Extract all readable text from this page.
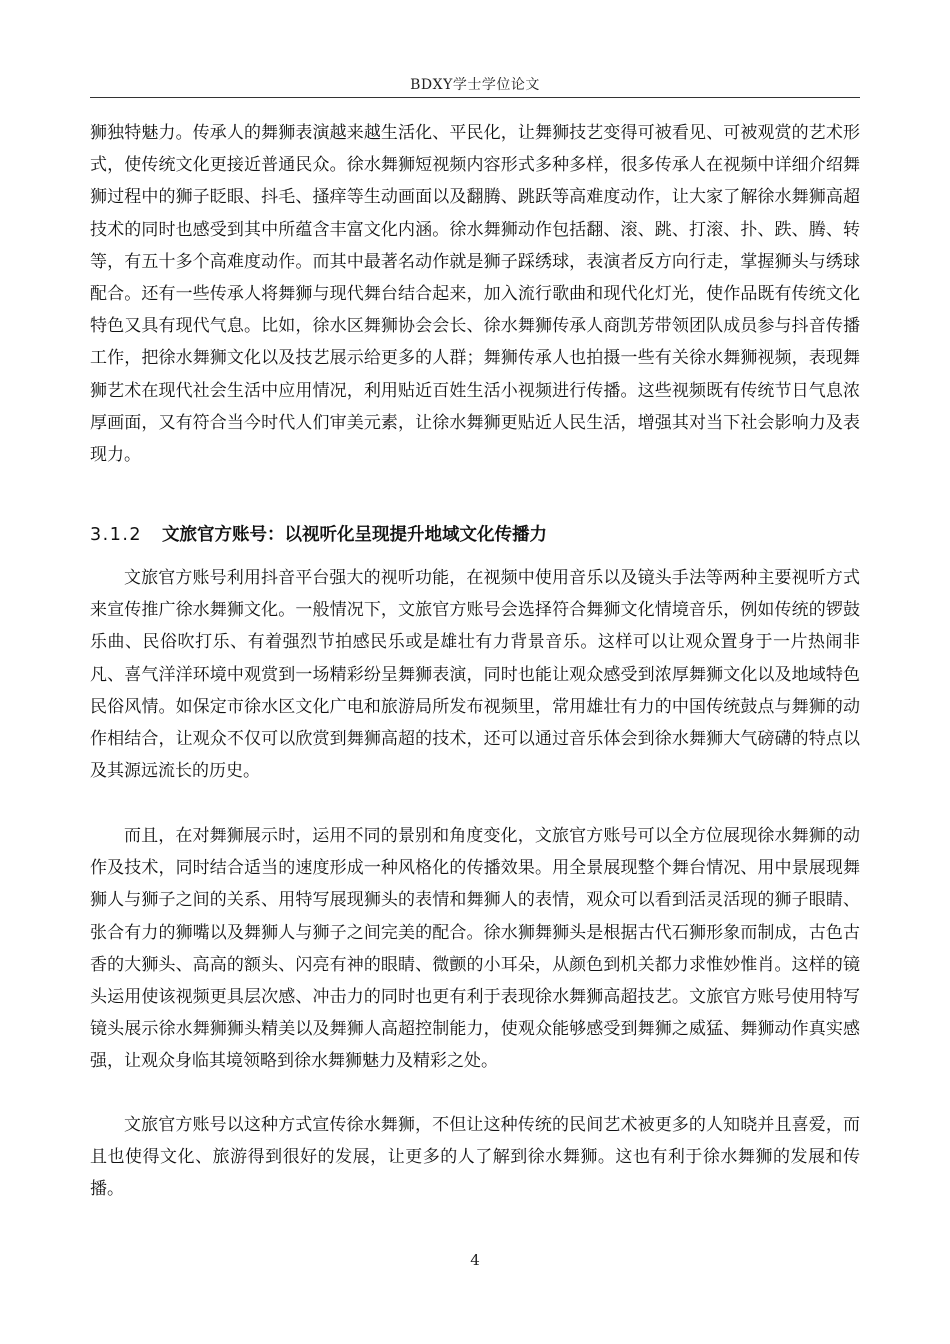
BDXY学士学位论文

狮独特魅力。传承人的舞狮表演越来越生活化、平民化，让舞狮技艺变得可被看见、可被观赏的艺术形式，使传统文化更接近普通民众。徐水舞狮短视频内容形式多种多样，很多传承人在视频中详细介绍舞狮过程中的狮子眨眼、抖毛、搔痒等生动画面以及翻腾、跳跃等高难度动作，让大家了解徐水舞狮高超技术的同时也感受到其中所蕴含丰富文化内涵。徐水舞狮动作包括翻、滚、跳、打滚、扑、跌、腾、转等，有五十多个高难度动作。而其中最著名动作就是狮子踩绣球，表演者反方向行走，掌握狮头与绣球配合。还有一些传承人将舞狮与现代舞台结合起来，加入流行歌曲和现代化灯光，使作品既有传统文化特色又具有现代气息。比如，徐水区舞狮协会会长、徐水舞狮传承人商凯芳带领团队成员参与抖音传播工作，把徐水舞狮文化以及技艺展示给更多的人群；舞狮传承人也拍摄一些有关徐水舞狮视频，表现舞狮艺术在现代社会生活中应用情况，利用贴近百姓生活小视频进行传播。这些视频既有传统节日气息浓厚画面，又有符合当今时代人们审美元素，让徐水舞狮更贴近人民生活，增强其对当下社会影响力及表现力。

3.1.2 文旅官方账号：以视听化呈现提升地域文化传播力

文旅官方账号利用抖音平台强大的视听功能，在视频中使用音乐以及镜头手法等两种主要视听方式来宣传推广徐水舞狮文化。一般情况下，文旅官方账号会选择符合舞狮文化情境音乐，例如传统的锣鼓乐曲、民俗吹打乐、有着强烈节拍感民乐或是雄壮有力背景音乐。这样可以让观众置身于一片热闹非凡、喜气洋洋环境中观赏到一场精彩纷呈舞狮表演，同时也能让观众感受到浓厚舞狮文化以及地域特色民俗风情。如保定市徐水区文化广电和旅游局所发布视频里，常用雄壮有力的中国传统鼓点与舞狮的动作相结合，让观众不仅可以欣赏到舞狮高超的技术，还可以通过音乐体会到徐水舞狮大气磅礴的特点以及其源远流长的历史。

而且，在对舞狮展示时，运用不同的景别和角度变化，文旅官方账号可以全方位展现徐水舞狮的动作及技术，同时结合适当的速度形成一种风格化的传播效果。用全景展现整个舞台情况、用中景展现舞狮人与狮子之间的关系、用特写展现狮头的表情和舞狮人的表情，观众可以看到活灵活现的狮子眼睛、张合有力的狮嘴以及舞狮人与狮子之间完美的配合。徐水狮舞狮头是根据古代石狮形象而制成，古色古香的大狮头、高高的额头、闪亮有神的眼睛、微颤的小耳朵，从颜色到机关都力求惟妙惟肖。这样的镜头运用使该视频更具层次感、冲击力的同时也更有利于表现徐水舞狮高超技艺。文旅官方账号使用特写镜头展示徐水舞狮狮头精美以及舞狮人高超控制能力，使观众能够感受到舞狮之威猛、舞狮动作真实感强，让观众身临其境领略到徐水舞狮魅力及精彩之处。

文旅官方账号以这种方式宣传徐水舞狮，不但让这种传统的民间艺术被更多的人知晓并且喜爱，而且也使得文化、旅游得到很好的发展，让更多的人了解到徐水舞狮。这也有利于徐水舞狮的发展和传播。

4
